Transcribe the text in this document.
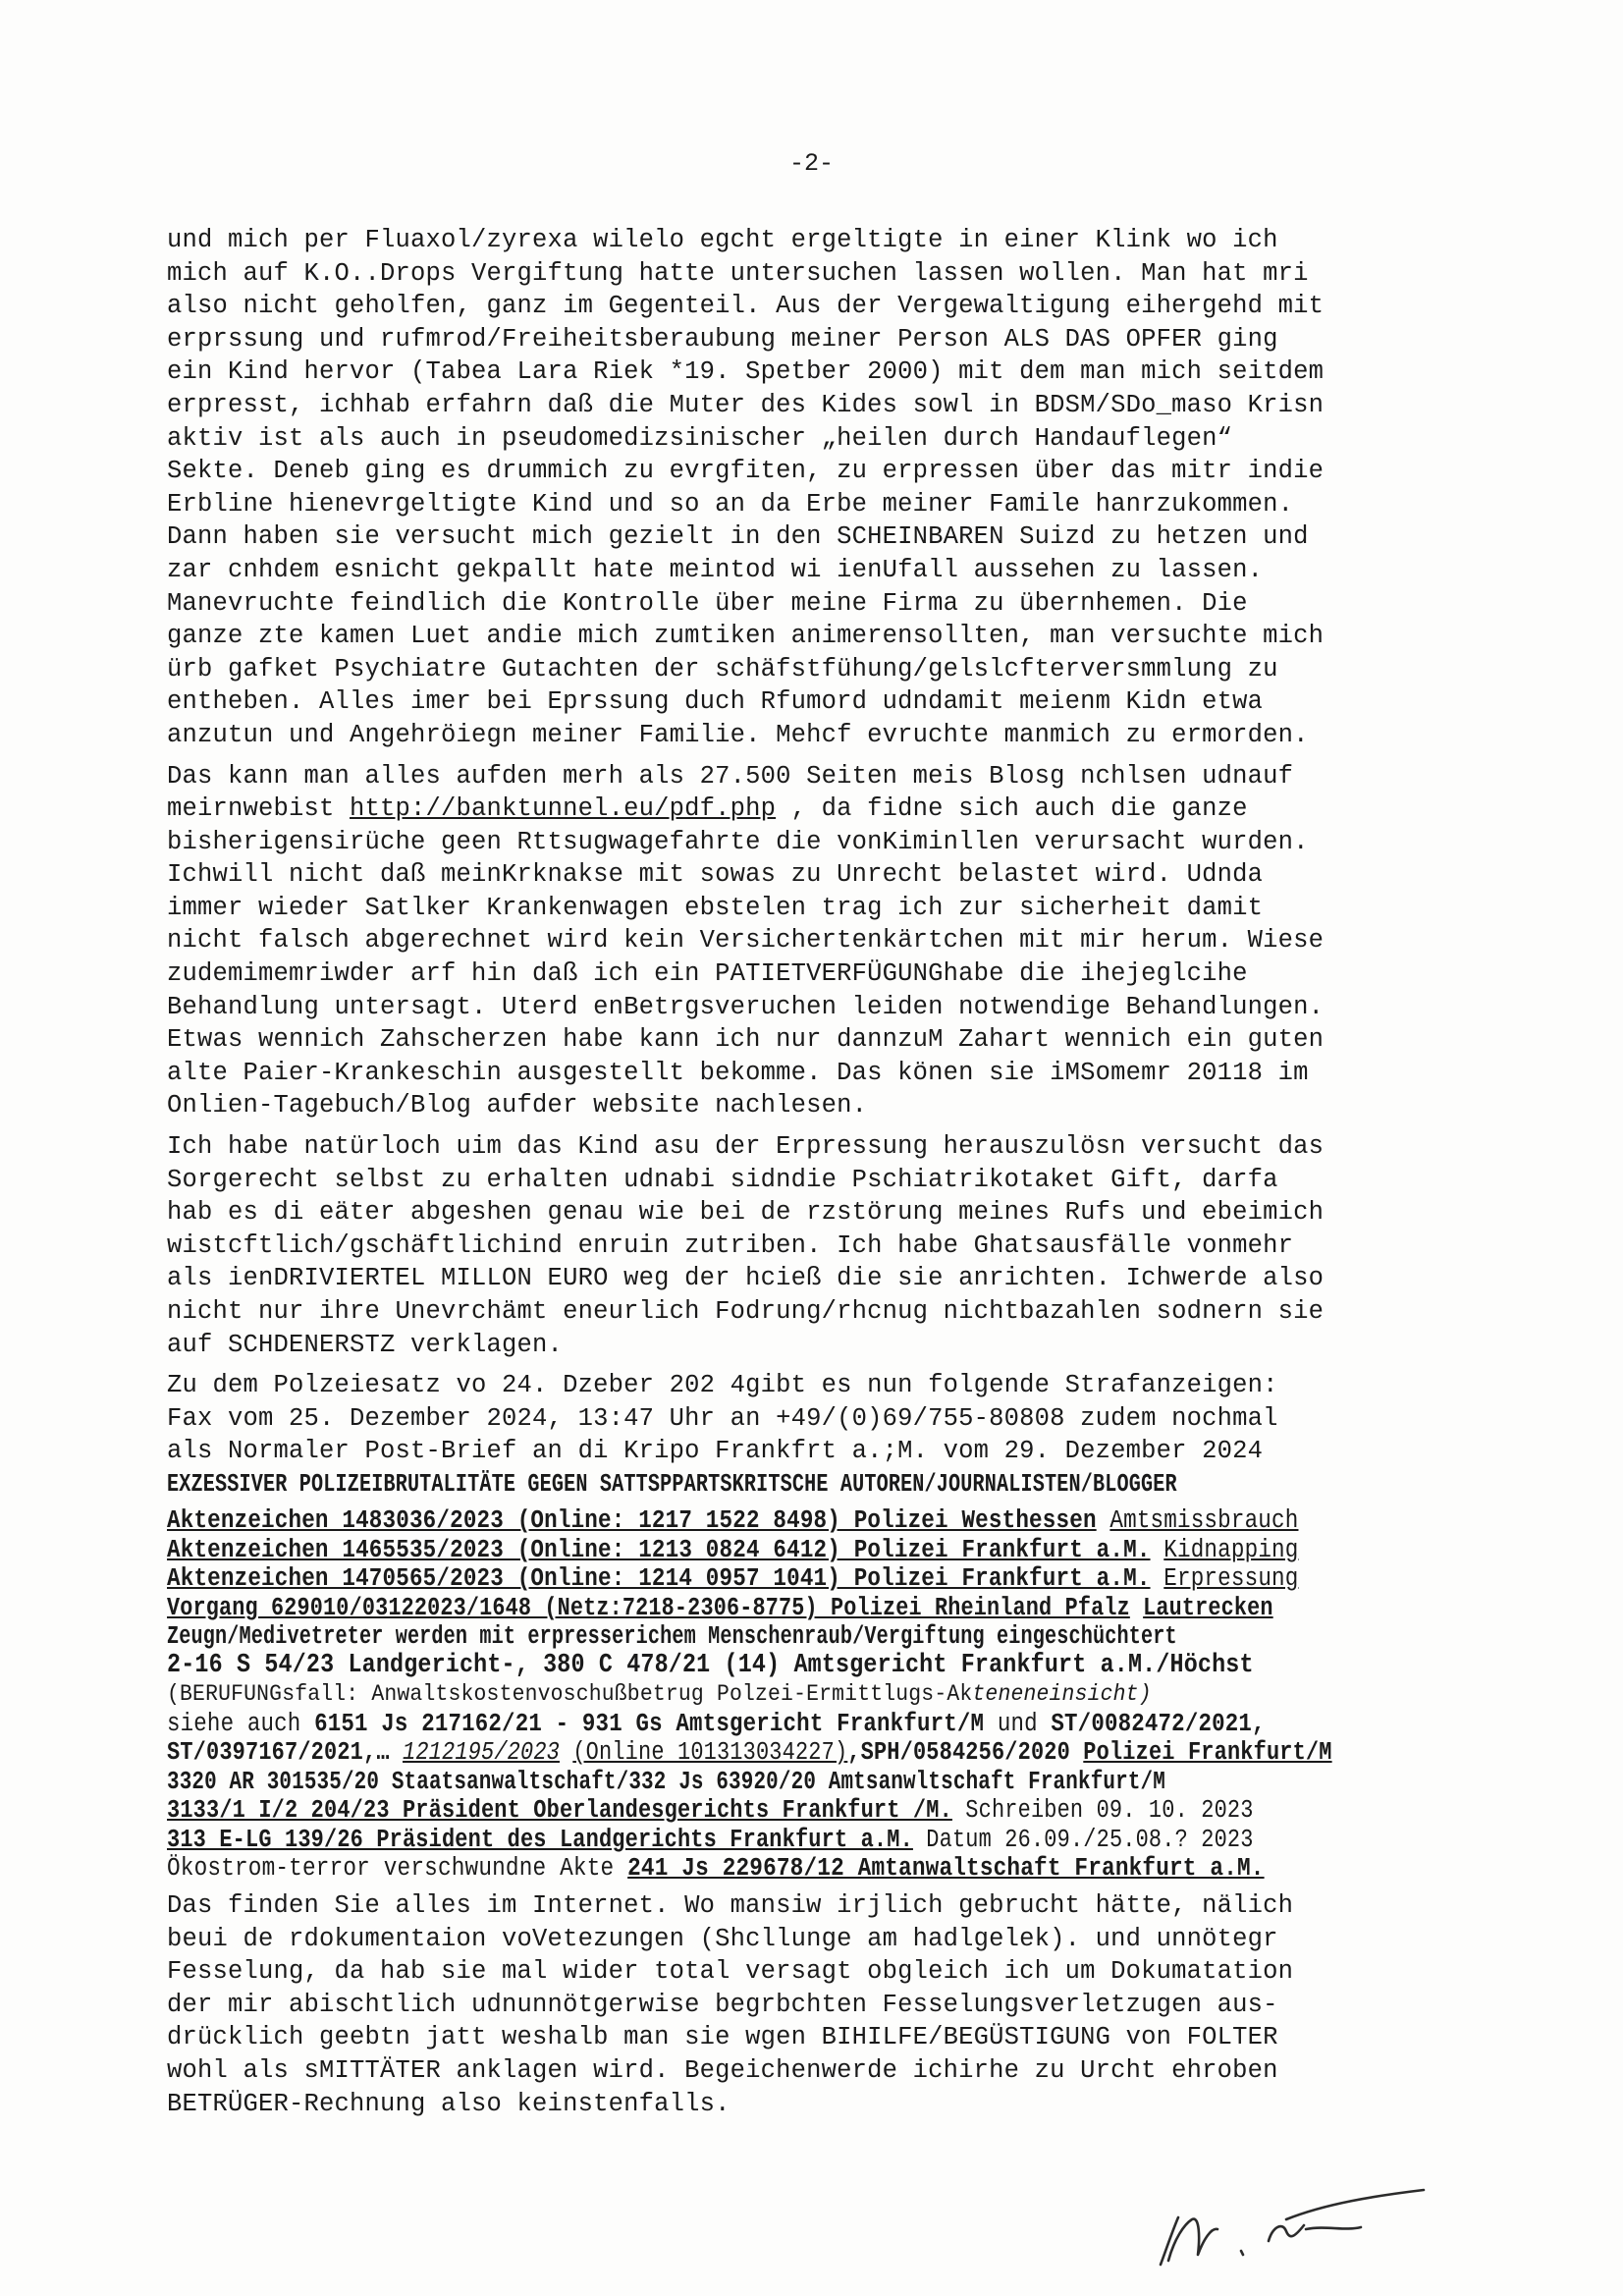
-2-
und mich per Fluaxol/zyrexa wilelo egcht ergeltigte in einer Klink wo ich
mich auf K.O..Drops Vergiftung hatte untersuchen lassen wollen. Man hat mri
also nicht geholfen, ganz im Gegenteil. Aus der Vergewaltigung eihergehd mit
erprssung und rufmrod/Freiheitsberaubung meiner Person ALS DAS OPFER ging
ein Kind hervor (Tabea Lara Riek *19. Spetber 2000) mit dem man mich seitdem
erpresst, ichhab erfahrn daß die Muter des Kides sowl in BDSM/SDo_maso Krisn
aktiv ist als auch in pseudomedizsinischer „heilen durch Handauflegen“
Sekte. Deneb ging es drummich zu evrgfiten, zu erpressen über das mitr indie
Erbline hienevrgeltigte Kind und so an da Erbe meiner Famile hanrzukommen.
Dann haben sie versucht mich gezielt in den SCHEINBAREN Suizd zu hetzen und
zar cnhdem esnicht gekpallt hate meintod wi ienUfall aussehen zu lassen.
Manevruchte feindlich die Kontrolle über meine Firma zu übernhemen. Die
ganze zte kamen Luet andie mich zumtiken animerensollten, man versuchte mich
ürb gafket Psychiatre Gutachten der schäfstfühung/gelslcfterversmmlung zu
entheben. Alles imer bei Eprssung duch Rfumord udndamit meienm Kidn etwa
anzutun und Angehröiegn meiner Familie. Mehcf evruchte manmich zu ermorden.
Das kann man alles aufden merh als 27.500 Seiten meis Blosg nchlsen udnauf
meirnwebist http://banktunnel.eu/pdf.php , da fidne sich auch die ganze
bisherigensirüche geen Rttsugwagefahrte die vonKiminllen verursacht wurden.
Ichwill nicht daß meinKrknakse mit sowas zu Unrecht belastet wird. Udnda
immer wieder Satlker Krankenwagen ebstelen trag ich zur sicherheit damit
nicht falsch abgerechnet wird kein Versichertenkärtchen mit mir herum. Wiese
zudemimemriwder arf hin daß ich ein PATIETVERFÜGUNGhabe die ihejeglcihe
Behandlung untersagt. Uterd enBetrgsveruchen leiden notwendige Behandlungen.
Etwas wennich Zahscherzen habe kann ich nur dannzuM Zahart wennich ein guten
alte Paier-Krankeschin ausgestellt bekomme. Das könen sie iMSomemr 20118 im
Onlien-Tagebuch/Blog aufder website nachlesen.
Ich habe natürloch uim das Kind asu der Erpressung herauszulösn versucht das
Sorgerecht selbst zu erhalten udnabi sidndie Pschiatrikotaket Gift, darfa
hab es di eäter abgeshen genau wie bei de rzstörung meines Rufs und ebeimich
wistcftlich/gschäftlichind enruin zutriben. Ich habe Ghatsausfälle vonmehr
als ienDRIVIERTEL MILLON EURO weg der hcieß die sie anrichten. Ichwerde also
nicht nur ihre Unevrchämt eneurlich Fodrung/rhcnug nichtbazahlen sodnern sie
auf SCHDENERSTZ verklagen.
Zu dem Polzeiesatz vo 24. Dzeber 202 4gibt es nun folgende Strafanzeigen:
Fax vom 25. Dezember 2024, 13:47 Uhr an +49/(0)69/755-80808 zudem nochmal
als Normaler Post-Brief an di Kripo Frankfrt a.;M. vom 29. Dezember 2024
EXZESSIVER POLIZEIBRUTALITÄTE GEGEN SATTSPPARTSKRITSCHE AUTOREN/JOURNALISTEN/BLOGGER
Aktenzeichen 1483036/2023 (Online: 1217 1522 8498) Polizei Westhessen Amtsmissbrauch
Aktenzeichen 1465535/2023 (Online: 1213 0824 6412) Polizei Frankfurt a.M. Kidnapping
Aktenzeichen 1470565/2023 (Online: 1214 0957 1041) Polizei Frankfurt a.M. Erpressung
Vorgang 629010/03122023/1648 (Netz:7218-2306-8775) Polizei Rheinland Pfalz Lautrecken
Zeugn/Medivetreter werden mit erpresserichem Menschenraub/Vergiftung eingeschüchtert
2-16 S 54/23 Landgericht-, 380 C 478/21 (14) Amtsgericht Frankfurt a.M./Höchst
(BERUFUNGsfall: Anwaltskostenvoschußbetrug Polzei-Ermittlugs-Akteneneinsicht)
siehe auch 6151 Js 217162/21 - 931 Gs Amtsgericht Frankfurt/M und ST/0082472/2021,
ST/0397167/2021,… 1212195/2023 (Online 101313034227),SPH/0584256/2020 Polizei Frankfurt/M
3320 AR 301535/20 Staatsanwaltschaft/332 Js 63920/20 Amtsanwltschaft Frankfurt/M
3133/1 I/2 204/23 Präsident Oberlandesgerichts Frankfurt /M. Schreiben 09. 10. 2023
313 E-LG 139/26 Präsident des Landgerichts Frankfurt a.M. Datum 26.09./25.08.? 2023
Ökostrom-terror verschwundne Akte 241 Js 229678/12 Amtanwaltschaft Frankfurt a.M.
Das finden Sie alles im Internet. Wo mansiw irjlich gebrucht hätte, nälich
beui de rdokumentaion voVetezungen (Shcllunge am hadlgelek). und unnötegr
Fesselung, da hab sie mal wider total versagt obgleich ich um Dokumatation
der mir abischtlich udnunnötgerwise begrbchten Fesselungsverletzugen aus-
drücklich geebtn jatt weshalb man sie wgen BIHILFE/BEGÜSTIGUNG von FOLTER
wohl als sMITTÄTER anklagen wird. Begeichenwerde ichirhe zu Urcht ehroben
BETRÜGER-Rechnung also keinstenfalls.
